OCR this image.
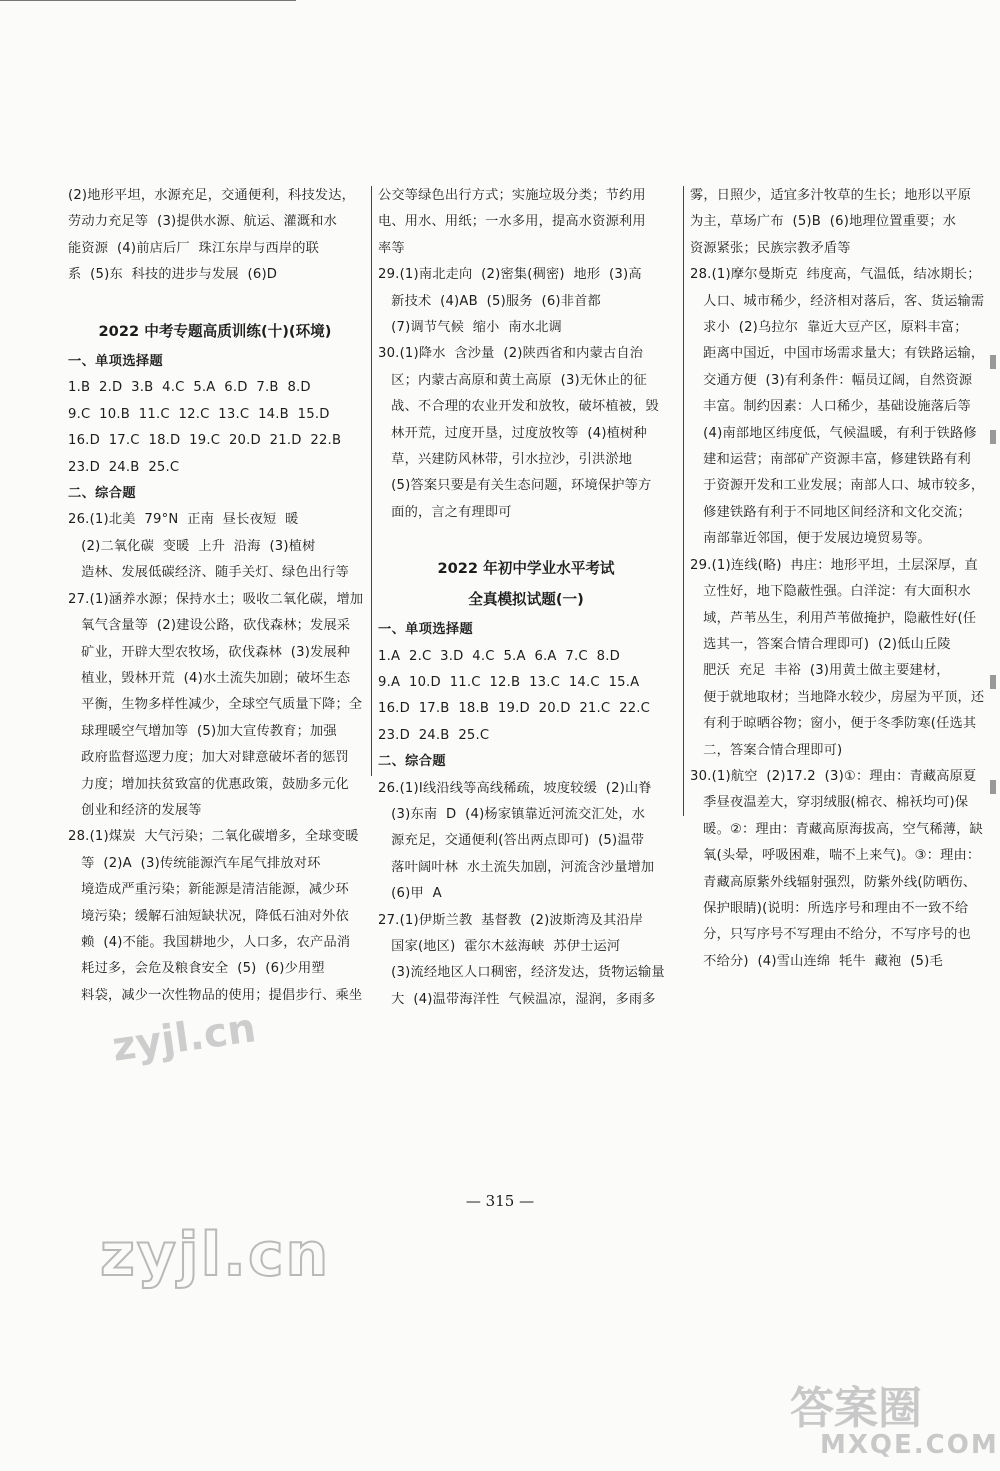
(2)地形平坦，水源充足，交通便利，科技发达，
劳动力充足等  (3)提供水源、航运、灌溉和水
能资源  (4)前店后厂  珠江东岸与西岸的联
系  (5)东  科技的进步与发展  (6)D
2022 中考专题高质训练(十)(环境)
一、单项选择题
1.B  2.D  3.B  4.C  5.A  6.D  7.B  8.D
9.C  10.B  11.C  12.C  13.C  14.B  15.D
16.D  17.C  18.D  19.C  20.D  21.D  22.B
23.D  24.B  25.C
二、综合题
26.(1)北美  79°N  正南  昼长夜短  暖
(2)二氧化碳  变暖  上升  沿海  (3)植树
造林、发展低碳经济、随手关灯、绿色出行等
27.(1)涵养水源；保持水土；吸收二氧化碳，增加
氧气含量等  (2)建设公路，砍伐森林；发展采
矿业，开辟大型农牧场，砍伐森林  (3)发展种
植业，毁林开荒  (4)水土流失加剧；破坏生态
平衡，生物多样性减少，全球空气质量下降；全
球理暖空气增加等  (5)加大宣传教育；加强
政府监督巡逻力度；加大对肆意破坏者的惩罚
力度；增加扶贫致富的优惠政策，鼓励多元化
创业和经济的发展等
28.(1)煤炭  大气污染；二氧化碳增多，全球变暖
等  (2)A  (3)传统能源汽车尾气排放对环
境造成严重污染；新能源是清洁能源，减少环
境污染；缓解石油短缺状况，降低石油对外依
赖  (4)不能。我国耕地少，人口多，农产品消
耗过多，会危及粮食安全  (5)  (6)少用塑
料袋，减少一次性物品的使用；提倡步行、乘坐
公交等绿色出行方式；实施垃圾分类；节约用
电、用水、用纸；一水多用，提高水资源利用
率等
29.(1)南北走向  (2)密集(稠密)  地形  (3)高
新技术  (4)AB  (5)服务  (6)非首都
(7)调节气候  缩小  南水北调
30.(1)降水  含沙量  (2)陕西省和内蒙古自治
区；内蒙古高原和黄土高原  (3)无休止的征
战、不合理的农业开发和放牧，破坏植被，毁
林开荒，过度开垦，过度放牧等  (4)植树种
草，兴建防风林带，引水拉沙，引洪淤地
(5)答案只要是有关生态问题，环境保护等方
面的，言之有理即可
2022 年初中学业水平考试
全真模拟试题(一)
一、单项选择题
1.A  2.C  3.D  4.C  5.A  6.A  7.C  8.D
9.A  10.D  11.C  12.B  13.C  14.C  15.A
16.D  17.B  18.B  19.D  20.D  21.C  22.C
23.D  24.B  25.C
二、综合题
26.(1)Ⅰ线沿线等高线稀疏，坡度较缓  (2)山脊
(3)东南  D  (4)杨家镇靠近河流交汇处，水
源充足，交通便利(答出两点即可)  (5)温带
落叶阔叶林  水土流失加剧，河流含沙量增加
(6)甲  A
27.(1)伊斯兰教  基督教  (2)波斯湾及其沿岸
国家(地区)  霍尔木兹海峡  苏伊士运河
(3)流经地区人口稠密，经济发达，货物运输量
大  (4)温带海洋性  气候温凉，湿润，多雨多
雾，日照少，适宜多汁牧草的生长；地形以平原
为主，草场广布  (5)B  (6)地理位置重要；水
资源紧张；民族宗教矛盾等
28.(1)摩尔曼斯克  纬度高，气温低，结冰期长；
人口、城市稀少，经济相对落后，客、货运输需
求小  (2)乌拉尔  靠近大豆产区，原料丰富；
距离中国近，中国市场需求量大；有铁路运输，
交通方便  (3)有利条件：幅员辽阔，自然资源
丰富。制约因素：人口稀少，基础设施落后等
(4)南部地区纬度低，气候温暖，有利于铁路修
建和运营；南部矿产资源丰富，修建铁路有利
于资源开发和工业发展；南部人口、城市较多，
修建铁路有利于不同地区间经济和文化交流；
南部靠近邻国，便于发展边境贸易等。
29.(1)连线(略)  冉庄：地形平坦，土层深厚，直
立性好，地下隐蔽性强。白洋淀：有大面积水
域，芦苇丛生，利用芦苇做掩护，隐蔽性好(任
选其一，答案合情合理即可)  (2)低山丘陵
肥沃  充足  丰裕  (3)用黄土做主要建材，
便于就地取材；当地降水较少，房屋为平顶，还
有利于晾晒谷物；窗小，便于冬季防寒(任选其
二，答案合情合理即可)
30.(1)航空  (2)17.2  (3)①：理由：青藏高原夏
季昼夜温差大，穿羽绒服(棉衣、棉袄均可)保
暖。②：理由：青藏高原海拔高，空气稀薄，缺
氧(头晕，呼吸困难，喘不上来气)。③：理由：
青藏高原紫外线辐射强烈，防紫外线(防晒伤、
保护眼睛)(说明：所选序号和理由不一致不给
分，只写序号不写理由不给分，不写序号的也
不给分)  (4)雪山连绵  牦牛  藏袍  (5)毛
— 315 —
zyjl.cn
zyjl.cn
答案圈
MXQE.COM
